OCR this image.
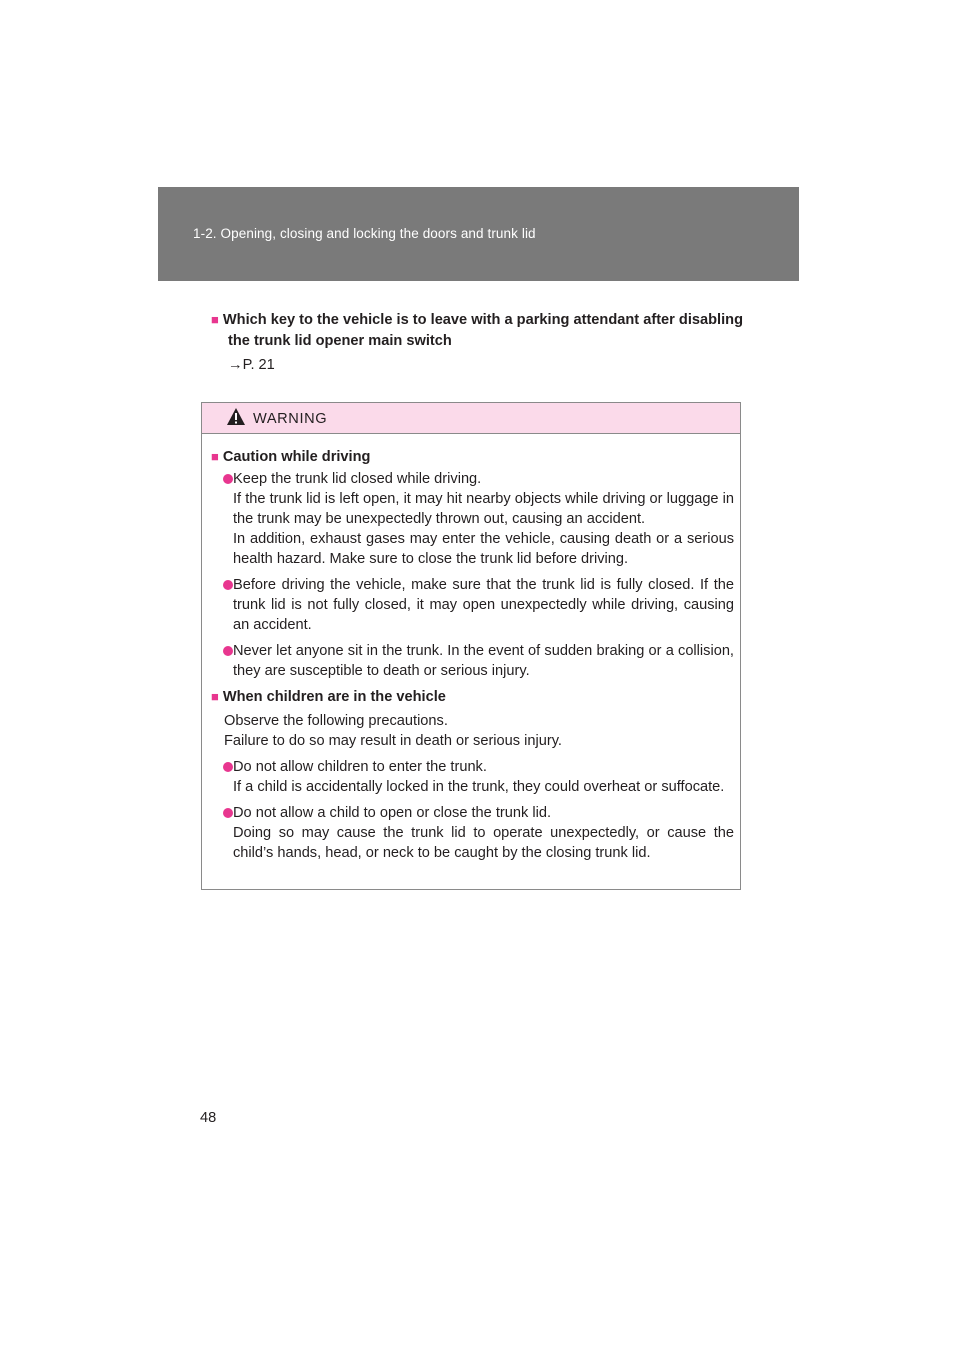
1-2. Opening, closing and locking the doors and trunk lid
■ Which key to the vehicle is to leave with a parking attendant after disabling the trunk lid opener main switch
→P. 21
WARNING
■ Caution while driving
Keep the trunk lid closed while driving.
If the trunk lid is left open, it may hit nearby objects while driving or luggage in the trunk may be unexpectedly thrown out, causing an accident.
In addition, exhaust gases may enter the vehicle, causing death or a serious health hazard. Make sure to close the trunk lid before driving.
Before driving the vehicle, make sure that the trunk lid is fully closed. If the trunk lid is not fully closed, it may open unexpectedly while driving, causing an accident.
Never let anyone sit in the trunk. In the event of sudden braking or a collision, they are susceptible to death or serious injury.
■ When children are in the vehicle
Observe the following precautions.
Failure to do so may result in death or serious injury.
Do not allow children to enter the trunk.
If a child is accidentally locked in the trunk, they could overheat or suffocate.
Do not allow a child to open or close the trunk lid.
Doing so may cause the trunk lid to operate unexpectedly, or cause the child’s hands, head, or neck to be caught by the closing trunk lid.
48
